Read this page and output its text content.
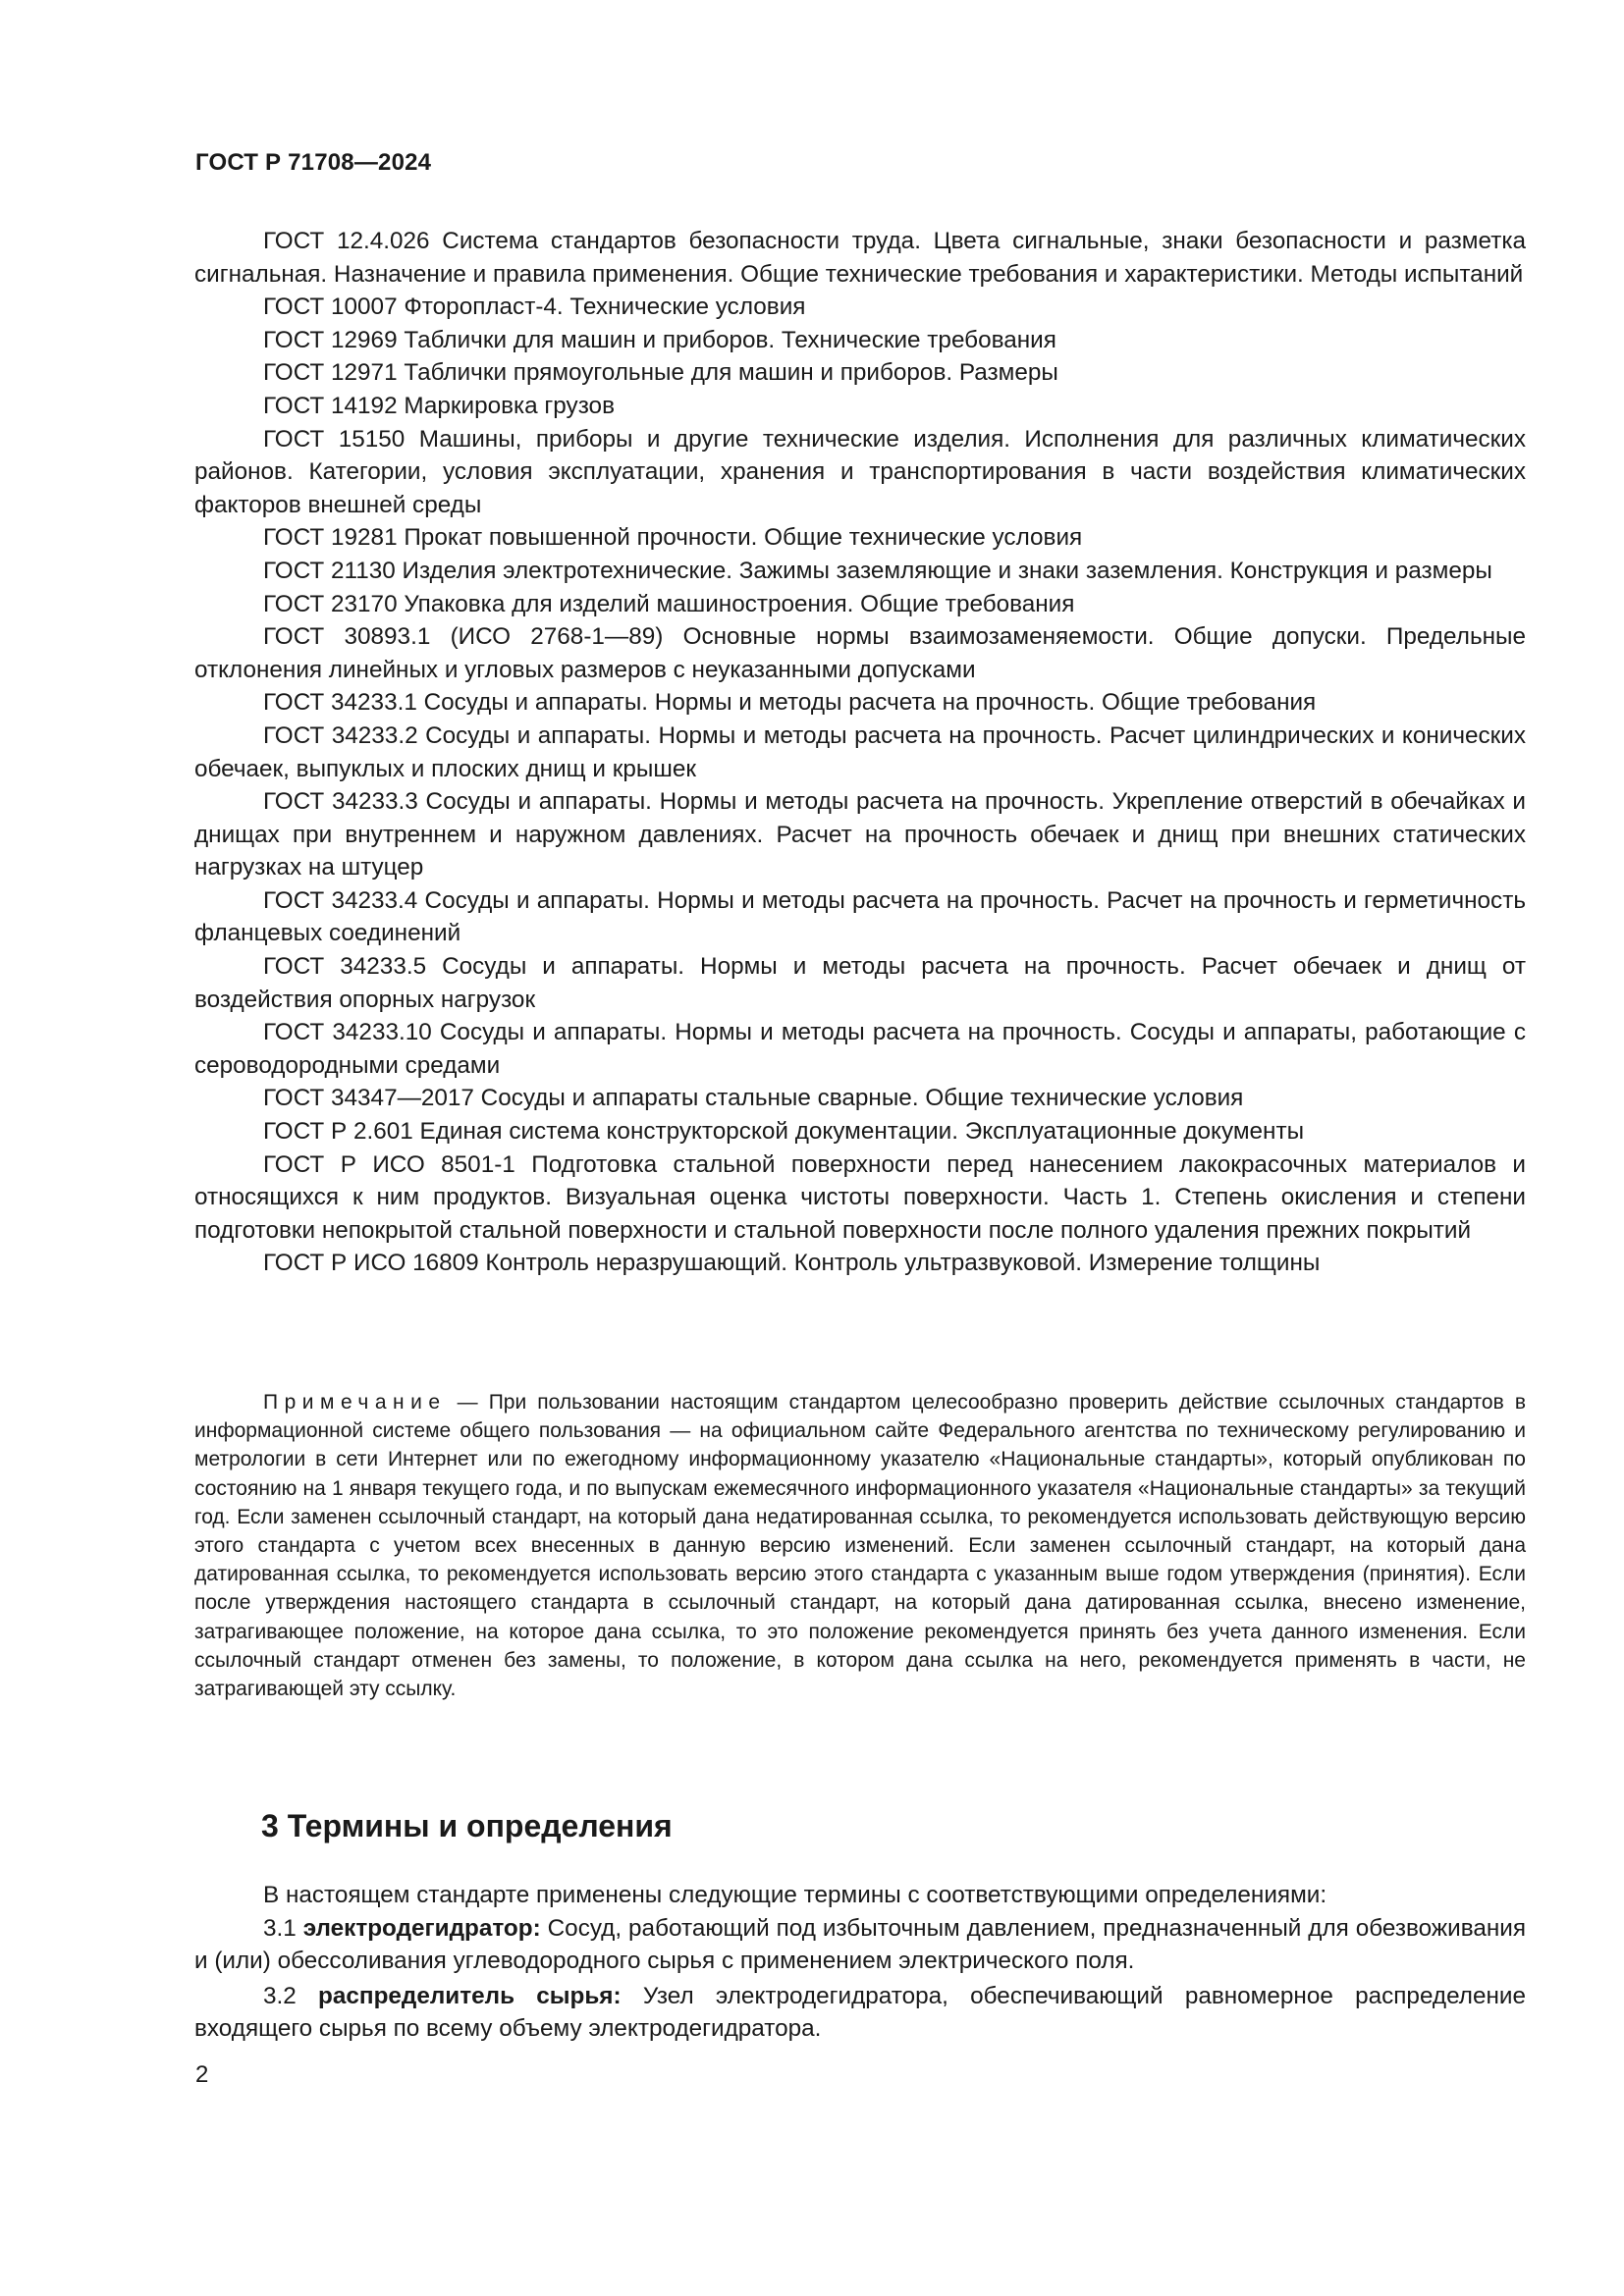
ГОСТ Р 71708—2024

ГОСТ 12.4.026 Система стандартов безопасности труда. Цвета сигнальные, знаки безопасности и разметка сигнальная. Назначение и правила применения. Общие технические требования и характеристики. Методы испытаний

ГОСТ 10007 Фторопласт-4. Технические условия

ГОСТ 12969 Таблички для машин и приборов. Технические требования

ГОСТ 12971 Таблички прямоугольные для машин и приборов. Размеры

ГОСТ 14192 Маркировка грузов

ГОСТ 15150 Машины, приборы и другие технические изделия. Исполнения для различных климатических районов. Категории, условия эксплуатации, хранения и транспортирования в части воздействия климатических факторов внешней среды

ГОСТ 19281 Прокат повышенной прочности. Общие технические условия

ГОСТ 21130 Изделия электротехнические. Зажимы заземляющие и знаки заземления. Конструкция и размеры

ГОСТ 23170 Упаковка для изделий машиностроения. Общие требования

ГОСТ 30893.1 (ИСО 2768-1—89) Основные нормы взаимозаменяемости. Общие допуски. Предельные отклонения линейных и угловых размеров с неуказанными допусками

ГОСТ 34233.1 Сосуды и аппараты. Нормы и методы расчета на прочность. Общие требования

ГОСТ 34233.2 Сосуды и аппараты. Нормы и методы расчета на прочность. Расчет цилиндрических и конических обечаек, выпуклых и плоских днищ и крышек

ГОСТ 34233.3 Сосуды и аппараты. Нормы и методы расчета на прочность. Укрепление отверстий в обечайках и днищах при внутреннем и наружном давлениях. Расчет на прочность обечаек и днищ при внешних статических нагрузках на штуцер

ГОСТ 34233.4 Сосуды и аппараты. Нормы и методы расчета на прочность. Расчет на прочность и герметичность фланцевых соединений

ГОСТ 34233.5 Сосуды и аппараты. Нормы и методы расчета на прочность. Расчет обечаек и днищ от воздействия опорных нагрузок

ГОСТ 34233.10 Сосуды и аппараты. Нормы и методы расчета на прочность. Сосуды и аппараты, работающие с сероводородными средами

ГОСТ 34347—2017 Сосуды и аппараты стальные сварные. Общие технические условия

ГОСТ Р 2.601 Единая система конструкторской документации. Эксплуатационные документы

ГОСТ Р ИСО 8501-1 Подготовка стальной поверхности перед нанесением лакокрасочных материалов и относящихся к ним продуктов. Визуальная оценка чистоты поверхности. Часть 1. Степень окисления и степени подготовки непокрытой стальной поверхности и стальной поверхности после полного удаления прежних покрытий

ГОСТ Р ИСО 16809 Контроль неразрушающий. Контроль ультразвуковой. Измерение толщины

Примечание — При пользовании настоящим стандартом целесообразно проверить действие ссылочных стандартов в информационной системе общего пользования — на официальном сайте Федерального агентства по техническому регулированию и метрологии в сети Интернет или по ежегодному информационному указателю «Национальные стандарты», который опубликован по состоянию на 1 января текущего года, и по выпускам ежемесячного информационного указателя «Национальные стандарты» за текущий год. Если заменен ссылочный стандарт, на который дана недатированная ссылка, то рекомендуется использовать действующую версию этого стандарта с учетом всех внесенных в данную версию изменений. Если заменен ссылочный стандарт, на который дана датированная ссылка, то рекомендуется использовать версию этого стандарта с указанным выше годом утверждения (принятия). Если после утверждения настоящего стандарта в ссылочный стандарт, на который дана датированная ссылка, внесено изменение, затрагивающее положение, на которое дана ссылка, то это положение рекомендуется принять без учета данного изменения. Если ссылочный стандарт отменен без замены, то положение, в котором дана ссылка на него, рекомендуется применять в части, не затрагивающей эту ссылку.

3 Термины и определения

В настоящем стандарте применены следующие термины с соответствующими определениями:

3.1 электродегидратор: Сосуд, работающий под избыточным давлением, предназначенный для обезвоживания и (или) обессоливания углеводородного сырья с применением электрического поля.

3.2 распределитель сырья: Узел электродегидратора, обеспечивающий равномерное распределение входящего сырья по всему объему электродегидратора.

2
